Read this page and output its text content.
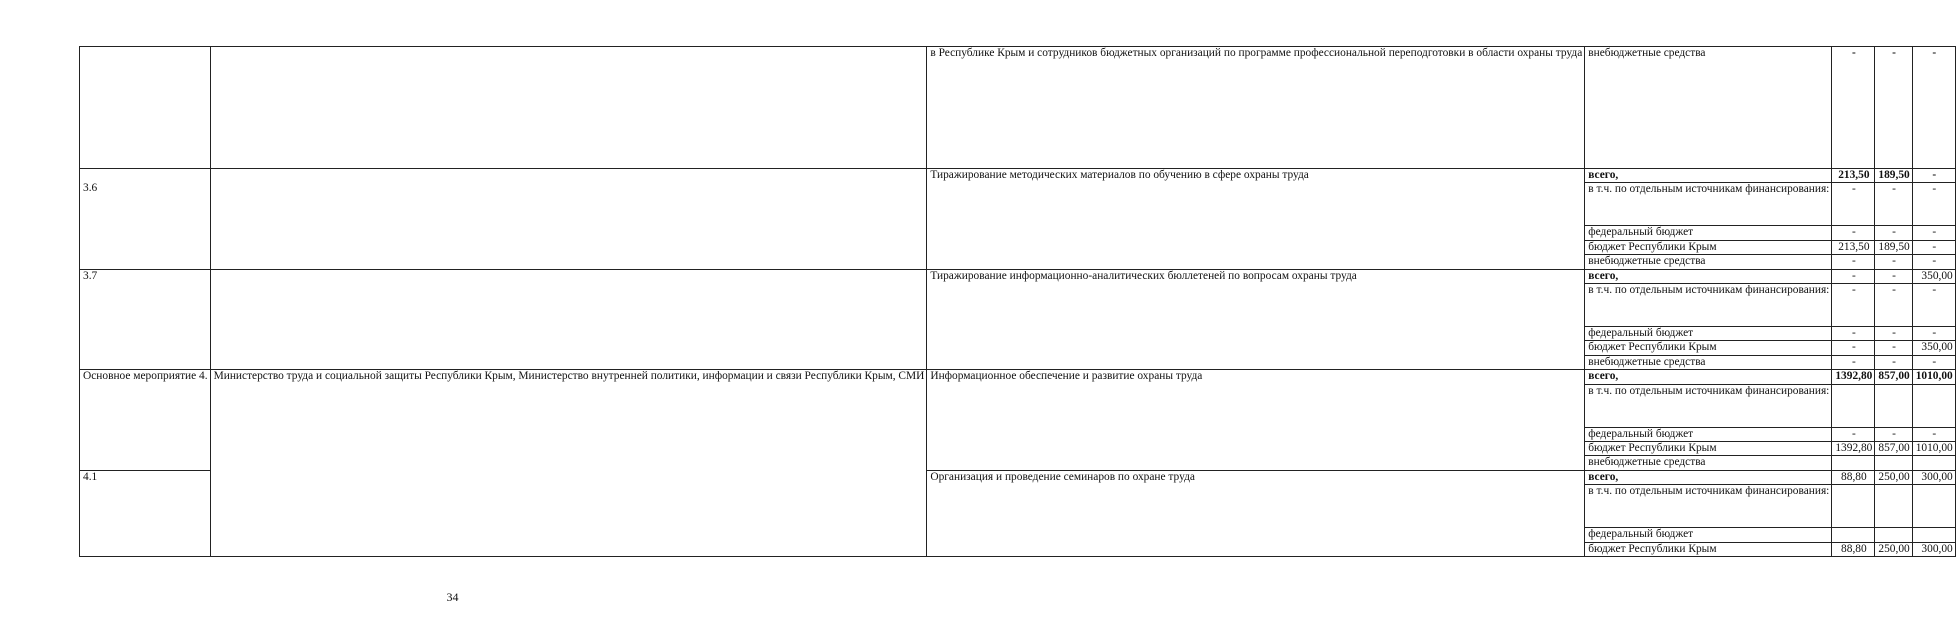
		в Республике Крым и сотрудников бюджетных организаций по программе профессиональной переподготовки в области охраны труда	внебюджетные средства	-	-	-
3.6		Тиражирование методических материалов по обучению в сфере охраны труда	всего,	213,50	189,50	-
			в т.ч. по отдельным источникам финансирования:	-	-	-
			федеральный бюджет	-	-	-
			бюджет Республики Крым	213,50	189,50	-
			внебюджетные средства	-	-	-
3.7		Тиражирование информационно-аналитических бюллетеней по вопросам охраны труда	всего,	-	-	350,00
			в т.ч. по отдельным источникам финансирования:	-	-	-
			федеральный бюджет	-	-	-
			бюджет Республики Крым	-	-	350,00
			внебюджетные средства	-	-	-
Основное мероприятие 4.	Министерство труда и социальной защиты Республики Крым, Министерство внутренней политики, информации и связи Республики Крым, СМИ	Информационное обеспечение и развитие охраны труда	всего,	1392,80	857,00	1010,00
			в т.ч. по отдельным источникам финансирования:			
			федеральный бюджет	-	-	-
			бюджет Республики Крым	1392,80	857,00	1010,00
			внебюджетные средства			
4.1		Организация и проведение семинаров по охране труда	всего,	88,80	250,00	300,00
			в т.ч. по отдельным источникам финансирования:			
			федеральный бюджет			
			бюджет Республики Крым	88,80	250,00	300,00
34
